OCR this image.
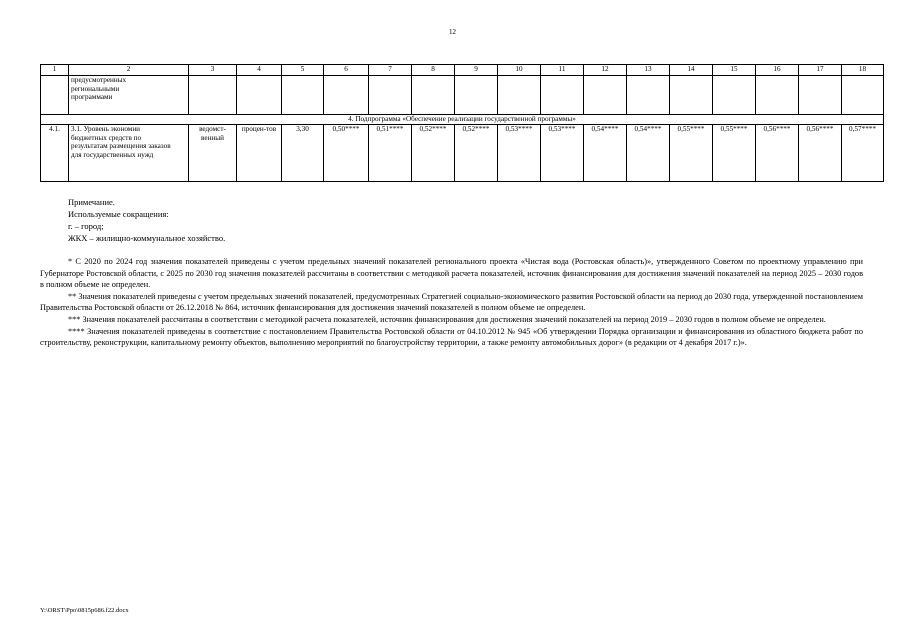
12
1	2	3	4	5	6	7	8	9	10	11	12	13	14	15	16	17	18
	предусмотренных региональными программами																
4. Подпрограмма «Обеспечение реализации государственной программы»																	
4.1.	3.1. Уровень экономии бюджетных средств по результатам размещения заказов для государственных нужд	ведомст-венный	процен-тов	3,30	0,50****	0,51****	0,52****	0,52****	0,53****	0,53****	0,54****	0,54****	0,55****	0,55****	0,56****	0,56****	0,57****
Примечание.
Используемые сокращения:
г. – город;
ЖКХ – жилищно-коммунальное хозяйство.

* С 2020 по 2024 год значения показателей приведены с учетом предельных значений показателей регионального проекта «Чистая вода (Ростовская область)», утвержденного Советом по проектному управлению при Губернаторе Ростовской области, с 2025 по 2030 год значения показателей рассчитаны в соответствии с методикой расчета показателей, источник финансирования для достижения значений показателей на период 2025 – 2030 годов в полном объеме не определен.

** Значения показателей приведены с учетом предельных значений показателей, предусмотренных Стратегией социально-экономического развития Ростовской области на период до 2030 года, утвержденной постановлением Правительства Ростовской области от 26.12.2018 № 864, источник финансирования для достижения значений показателей в полном объеме не определен.

*** Значения показателей рассчитаны в соответствии с методикой расчета показателей, источник финансирования для достижения значений показателей на период 2019 – 2030 годов в полном объеме не определен.

**** Значения показателей приведены в соответствие с постановлением Правительства Ростовской области от 04.10.2012 № 945 «Об утверждении Порядка организации и финансирования из областного бюджета работ по строительству, реконструкции, капитальному ремонту объектов, выполнению мероприятий по благоустройству территории, а также ремонту автомобильных дорог» (в редакции от 4 декабря 2017 г.)».

Y:\ORST\Ppo\0815p686.f22.docx
